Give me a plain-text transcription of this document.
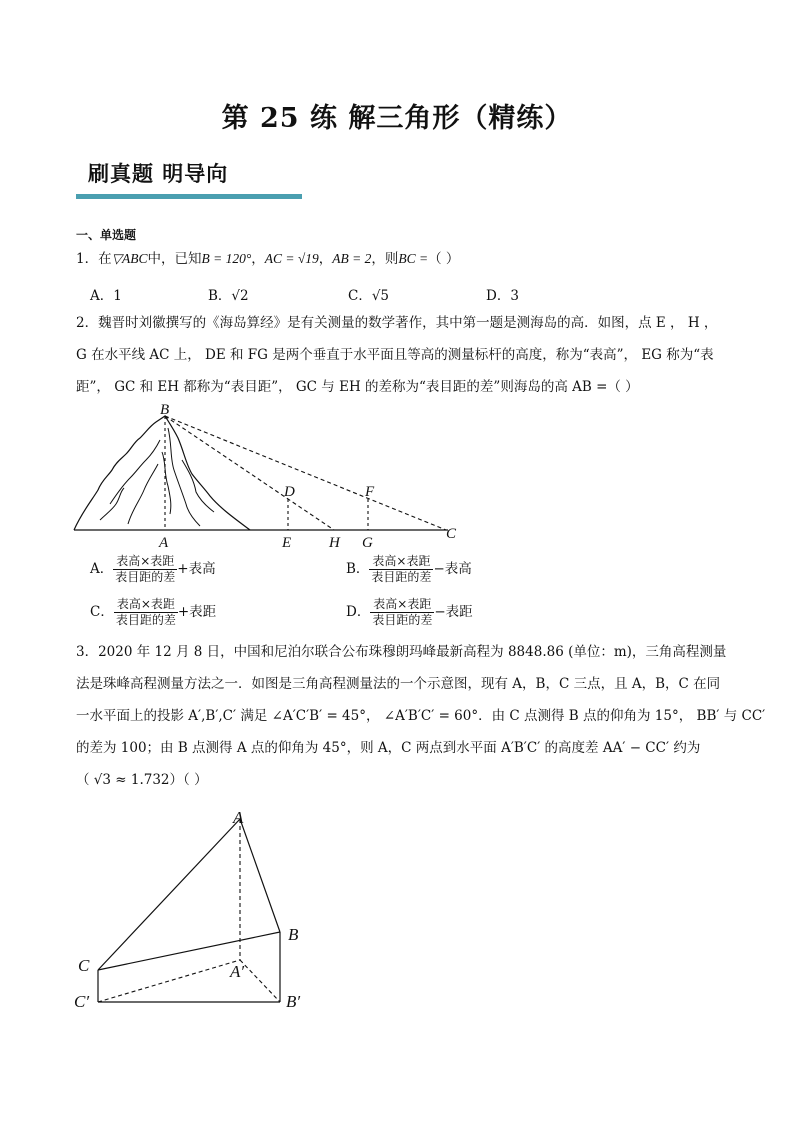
第 25 练 解三角形（精练）
刷真题 明导向
一、单选题
1．在▽ABC中，已知B = 120°，AC = √19，AB = 2，则BC =（ ）
A．1	B．√2	C．√5	D．3
2．魏晋时刘徽撰写的《海岛算经》是有关测量的数学著作，其中第一题是测海岛的高．如图，点 E ， H ，
G 在水平线 AC 上， DE 和 FG 是两个垂直于水平面且等高的测量标杆的高度，称为“表高”， EG 称为“表
距”， GC 和 EH 都称为“表目距”， GC 与 EH 的差称为“表目距的差”则海岛的高 AB =（ ）
B
D	F
A	E	H G
C
A． $\frac{\text{表高×表距}}{\text{表目距的差}}$ +表高	B． $\frac{\text{表高×表距}}{\text{表目距的差}}$ −表高
C． $\frac{\text{表高×表距}}{\text{表目距的差}}$ +表距	D． $\frac{\text{表高×表距}}{\text{表目距的差}}$ −表距
3．2020 年 12 月 8 日，中国和尼泊尔联合公布珠穆朗玛峰最新高程为 8848.86 (单位：m)，三角高程测量
法是珠峰高程测量方法之一．如图是三角高程测量法的一个示意图，现有 A，B，C 三点，且 A，B，C 在同
一水平面上的投影 A′,B′,C′ 满足 ∠A′C′B′ = 45°， ∠A′B′C′ = 60°．由 C 点测得 B 点的仰角为 15°， BB′ 与 CC′
的差为 100；由 B 点测得 A 点的仰角为 45°，则 A，C 两点到水平面 A′B′C′ 的高度差 AA′ − CC′ 约为
（ √3 ≈ 1.732）（ ）
A
B
C	A′
C′	B′
